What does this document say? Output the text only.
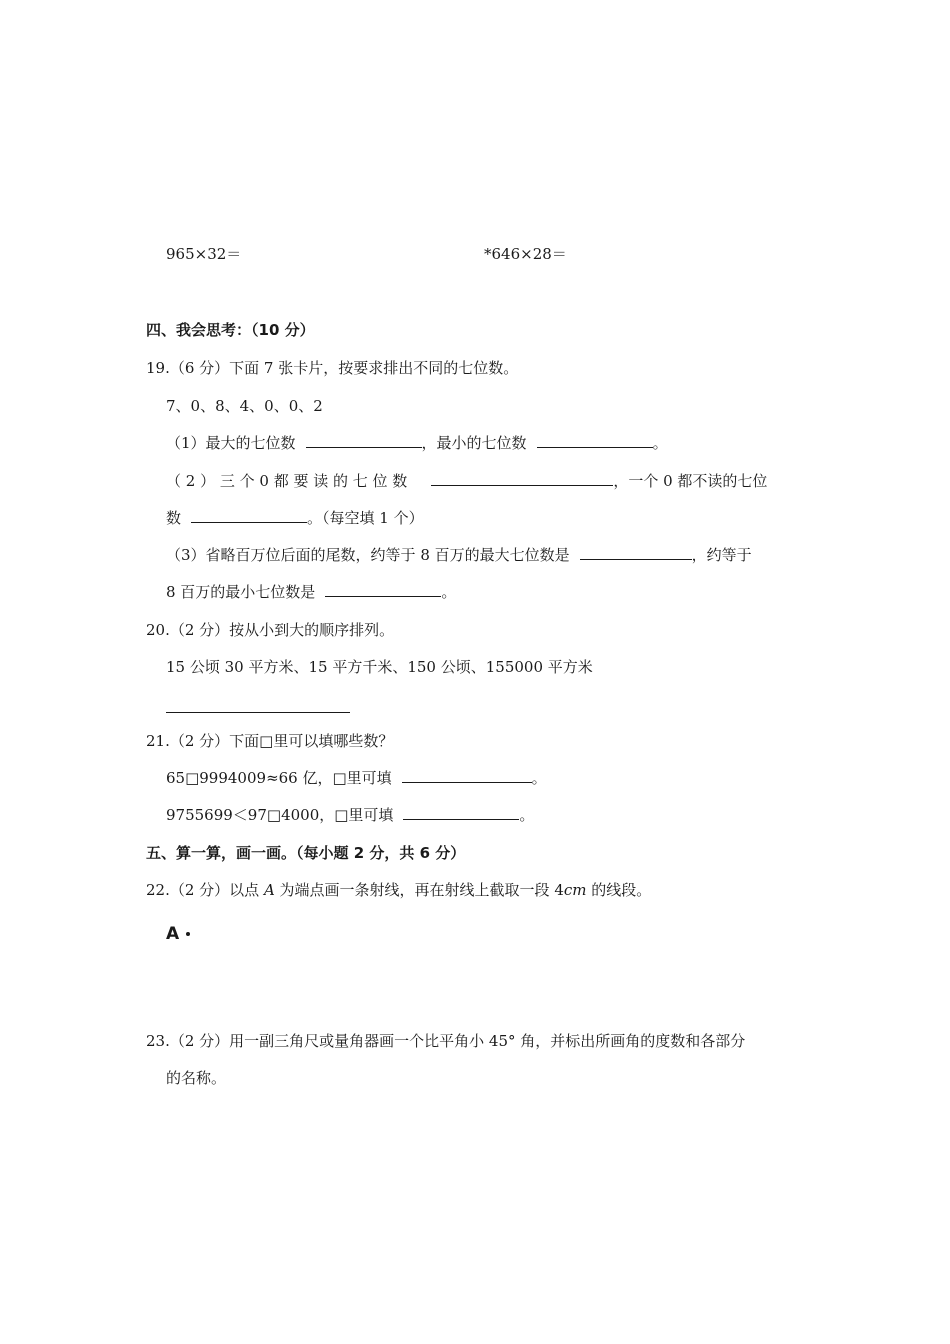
965×32＝	*646×28＝
四、我会思考：（10 分）
19.（6 分）下面 7 张卡片，按要求排出不同的七位数。
7、0、8、4、0、0、2
（1）最大的七位数	，最小的七位数	。
（ 2 ） 三 个 0 都 要 读 的 七 位 数	，一个 0 都不读的七位
数	。（每空填 1 个）
（3）省略百万位后面的尾数，约等于 8 百万的最大七位数是	，约等于
8 百万的最小七位数是	。
20.（2 分）按从小到大的顺序排列。
15 公顷 30 平方米、15 平方千米、150 公顷、155000 平方米
21.（2 分）下面□里可以填哪些数？
65□9994009≈66 亿，□里可填	。
9755699＜97□4000，□里可填	。
五、算一算，画一画。（每小题 2 分，共 6 分）
22.（2 分）以点 A 为端点画一条射线，再在射线上截取一段 4cm 的线段。
A
23.（2 分）用一副三角尺或量角器画一个比平角小 45° 角，并标出所画角的度数和各部分
的名称。
